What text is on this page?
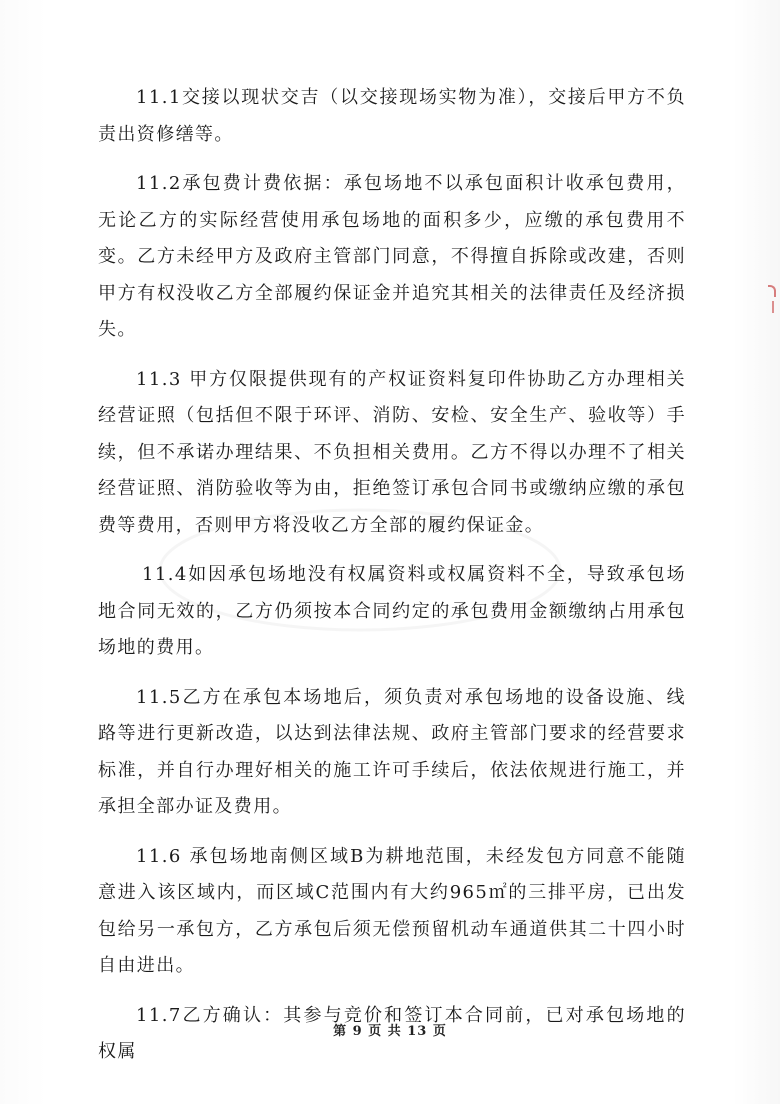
11.1交接以现状交吉（以交接现场实物为准），交接后甲方不负责出资修缮等。

11.2承包费计费依据：承包场地不以承包面积计收承包费用，无论乙方的实际经营使用承包场地的面积多少，应缴的承包费用不变。乙方未经甲方及政府主管部门同意，不得擅自拆除或改建，否则甲方有权没收乙方全部履约保证金并追究其相关的法律责任及经济损失。

11.3 甲方仅限提供现有的产权证资料复印件协助乙方办理相关经营证照（包括但不限于环评、消防、安检、安全生产、验收等）手续，但不承诺办理结果、不负担相关费用。乙方不得以办理不了相关经营证照、消防验收等为由，拒绝签订承包合同书或缴纳应缴的承包费等费用，否则甲方将没收乙方全部的履约保证金。

11.4如因承包场地没有权属资料或权属资料不全，导致承包场地合同无效的，乙方仍须按本合同约定的承包费用金额缴纳占用承包场地的费用。

11.5乙方在承包本场地后，须负责对承包场地的设备设施、线路等进行更新改造，以达到法律法规、政府主管部门要求的经营要求标准，并自行办理好相关的施工许可手续后，依法依规进行施工，并承担全部办证及费用。

11.6 承包场地南侧区域B为耕地范围，未经发包方同意不能随意进入该区域内，而区域C范围内有大约965㎡的三排平房，已出发包给另一承包方，乙方承包后须无偿预留机动车通道供其二十四小时自由进出。

11.7乙方确认：其参与竞价和签订本合同前，已对承包场地的权属

第 9 页 共 13 页
